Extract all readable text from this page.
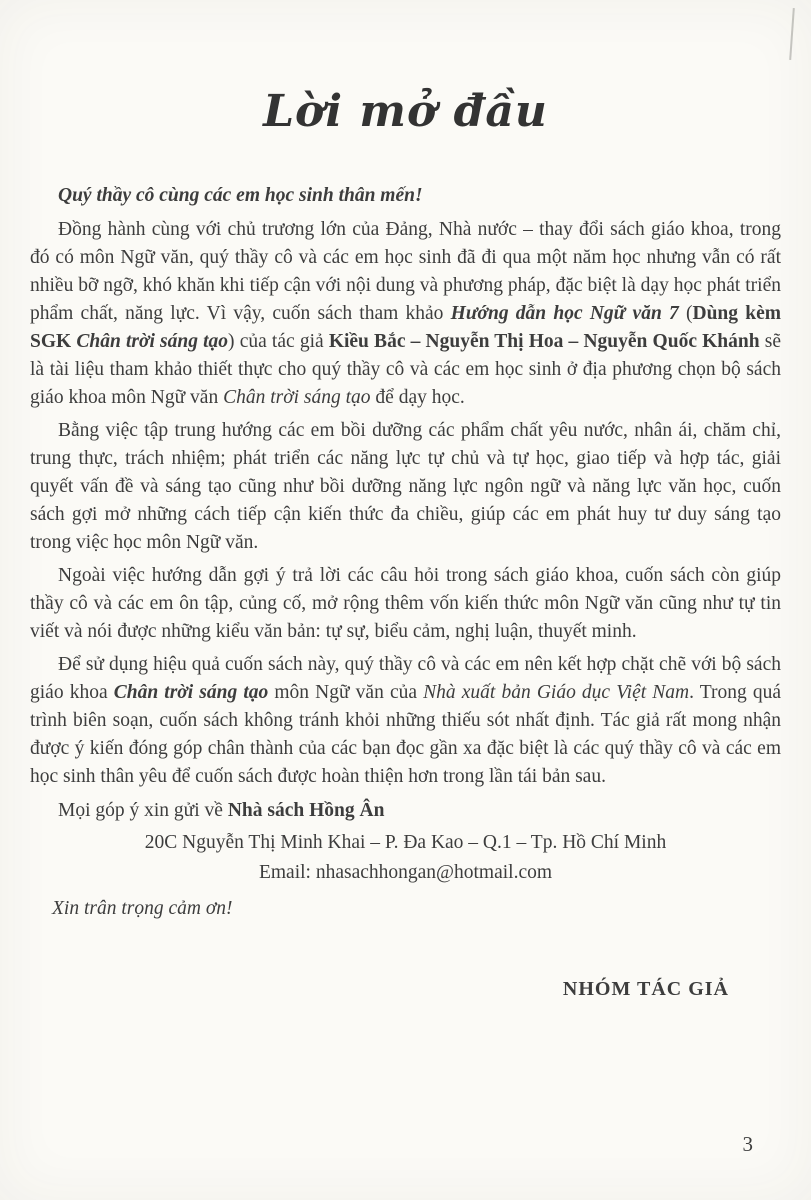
Lời mở đầu

Quý thầy cô cùng các em học sinh thân mến!

Đồng hành cùng với chủ trương lớn của Đảng, Nhà nước – thay đổi sách giáo khoa, trong đó có môn Ngữ văn, quý thầy cô và các em học sinh đã đi qua một năm học nhưng vẫn có rất nhiều bỡ ngỡ, khó khăn khi tiếp cận với nội dung và phương pháp, đặc biệt là dạy học phát triển phẩm chất, năng lực. Vì vậy, cuốn sách tham khảo Hướng dẫn học Ngữ văn 7 (Dùng kèm SGK Chân trời sáng tạo) của tác giả Kiều Bắc – Nguyễn Thị Hoa – Nguyễn Quốc Khánh sẽ là tài liệu tham khảo thiết thực cho quý thầy cô và các em học sinh ở địa phương chọn bộ sách giáo khoa môn Ngữ văn Chân trời sáng tạo để dạy học.

Bằng việc tập trung hướng các em bồi dưỡng các phẩm chất yêu nước, nhân ái, chăm chỉ, trung thực, trách nhiệm; phát triển các năng lực tự chủ và tự học, giao tiếp và hợp tác, giải quyết vấn đề và sáng tạo cũng như bồi dưỡng năng lực ngôn ngữ và năng lực văn học, cuốn sách gợi mở những cách tiếp cận kiến thức đa chiều, giúp các em phát huy tư duy sáng tạo trong việc học môn Ngữ văn.

Ngoài việc hướng dẫn gợi ý trả lời các câu hỏi trong sách giáo khoa, cuốn sách còn giúp thầy cô và các em ôn tập, củng cố, mở rộng thêm vốn kiến thức môn Ngữ văn cũng như tự tin viết và nói được những kiểu văn bản: tự sự, biểu cảm, nghị luận, thuyết minh.

Để sử dụng hiệu quả cuốn sách này, quý thầy cô và các em nên kết hợp chặt chẽ với bộ sách giáo khoa Chân trời sáng tạo môn Ngữ văn của Nhà xuất bản Giáo dục Việt Nam. Trong quá trình biên soạn, cuốn sách không tránh khỏi những thiếu sót nhất định. Tác giả rất mong nhận được ý kiến đóng góp chân thành của các bạn đọc gần xa đặc biệt là các quý thầy cô và các em học sinh thân yêu để cuốn sách được hoàn thiện hơn trong lần tái bản sau.

Mọi góp ý xin gửi về Nhà sách Hồng Ân

20C Nguyễn Thị Minh Khai – P. Đa Kao – Q.1 – Tp. Hồ Chí Minh

Email: nhasachhongan@hotmail.com

Xin trân trọng cảm ơn!

NHÓM TÁC GIẢ

3
